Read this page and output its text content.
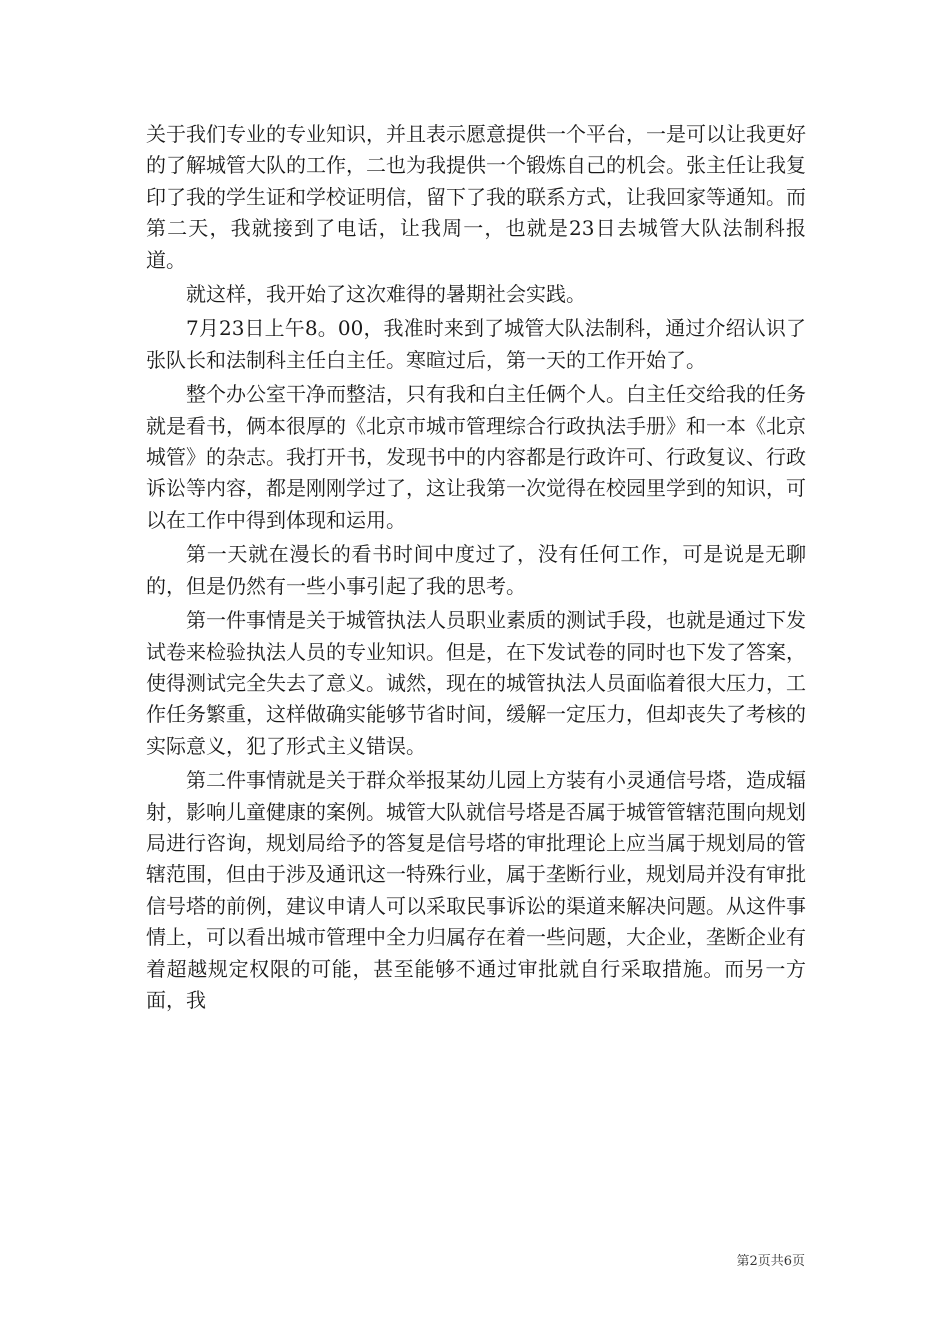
关于我们专业的专业知识，并且表示愿意提供一个平台，一是可以让我更好的了解城管大队的工作，二也为我提供一个锻炼自己的机会。张主任让我复印了我的学生证和学校证明信，留下了我的联系方式，让我回家等通知。而第二天，我就接到了电话，让我周一，也就是23日去城管大队法制科报道。

就这样，我开始了这次难得的暑期社会实践。

7月23日上午8。00，我准时来到了城管大队法制科，通过介绍认识了张队长和法制科主任白主任。寒暄过后，第一天的工作开始了。

整个办公室干净而整洁，只有我和白主任俩个人。白主任交给我的任务就是看书，俩本很厚的《北京市城市管理综合行政执法手册》和一本《北京城管》的杂志。我打开书，发现书中的内容都是行政许可、行政复议、行政诉讼等内容，都是刚刚学过了，这让我第一次觉得在校园里学到的知识，可以在工作中得到体现和运用。

第一天就在漫长的看书时间中度过了，没有任何工作，可是说是无聊的，但是仍然有一些小事引起了我的思考。

第一件事情是关于城管执法人员职业素质的测试手段，也就是通过下发试卷来检验执法人员的专业知识。但是，在下发试卷的同时也下发了答案，使得测试完全失去了意义。诚然，现在的城管执法人员面临着很大压力，工作任务繁重，这样做确实能够节省时间，缓解一定压力，但却丧失了考核的实际意义，犯了形式主义错误。

第二件事情就是关于群众举报某幼儿园上方装有小灵通信号塔，造成辐射，影响儿童健康的案例。城管大队就信号塔是否属于城管管辖范围向规划局进行咨询，规划局给予的答复是信号塔的审批理论上应当属于规划局的管辖范围，但由于涉及通讯这一特殊行业，属于垄断行业，规划局并没有审批信号塔的前例，建议申请人可以采取民事诉讼的渠道来解决问题。从这件事情上，可以看出城市管理中全力归属存在着一些问题，大企业，垄断企业有着超越规定权限的可能，甚至能够不通过审批就自行采取措施。而另一方面，我

第2页共6页
